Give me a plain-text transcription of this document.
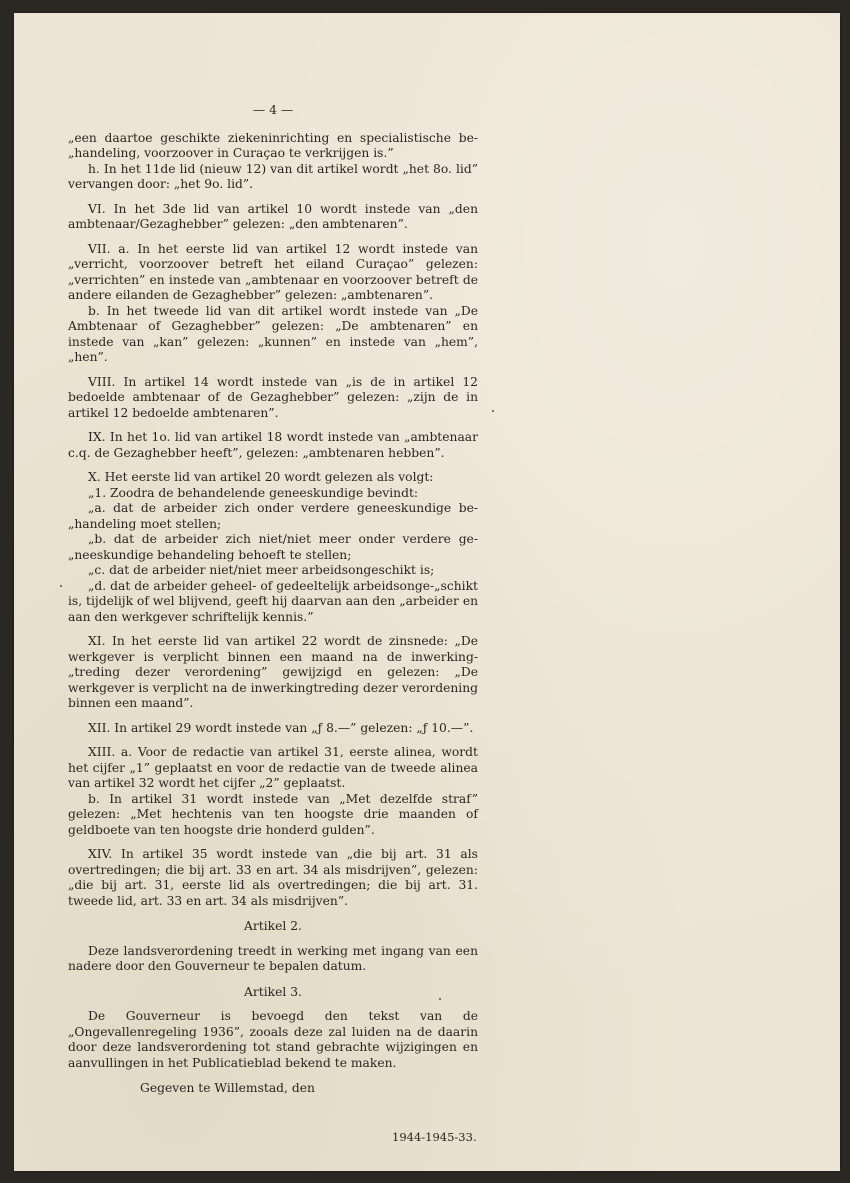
— 4 —

„een daartoe geschikte ziekeninrichting en specialistische be-„handeling, voorzoover in Curaçao te verkrijgen is.”

h. In het 11de lid (nieuw 12) van dit artikel wordt „het 8o. lid” vervangen door: „het 9o. lid”.

VI. In het 3de lid van artikel 10 wordt instede van „den ambtenaar/Gezaghebber” gelezen: „den ambtenaren”.

VII. a. In het eerste lid van artikel 12 wordt instede van „verricht, voorzoover betreft het eiland Curaçao” gelezen: „verrichten” en instede van „ambtenaar en voorzoover betreft de andere eilanden de Gezaghebber” gelezen: „ambtenaren”.

b. In het tweede lid van dit artikel wordt instede van „De Ambtenaar of Gezaghebber” gelezen: „De ambtenaren” en instede van „kan” gelezen: „kunnen” en instede van „hem”, „hen”.

VIII. In artikel 14 wordt instede van „is de in artikel 12 bedoelde ambtenaar of de Gezaghebber” gelezen: „zijn de in artikel 12 bedoelde ambtenaren”.

IX. In het 1o. lid van artikel 18 wordt instede van „ambtenaar c.q. de Gezaghebber heeft”, gelezen: „ambtenaren hebben”.

X. Het eerste lid van artikel 20 wordt gelezen als volgt:

„1. Zoodra de behandelende geneeskundige bevindt:

„a. dat de arbeider zich onder verdere geneeskundige be-„handeling moet stellen;

„b. dat de arbeider zich niet/niet meer onder verdere ge-„neeskundige behandeling behoeft te stellen;

„c. dat de arbeider niet/niet meer arbeidsongeschikt is;

„d. dat de arbeider geheel- of gedeeltelijk arbeidsonge-„schikt is, tijdelijk of wel blijvend, geeft hij daarvan aan den „arbeider en aan den werkgever schriftelijk kennis.”

XI. In het eerste lid van artikel 22 wordt de zinsnede: „De werkgever is verplicht binnen een maand na de inwerking-„treding dezer verordening” gewijzigd en gelezen: „De werkgever is verplicht na de inwerkingtreding dezer verordening binnen een maand”.

XII. In artikel 29 wordt instede van „ƒ 8.—” gelezen: „ƒ 10.—”.

XIII. a. Voor de redactie van artikel 31, eerste alinea, wordt het cijfer „1” geplaatst en voor de redactie van de tweede alinea van artikel 32 wordt het cijfer „2” geplaatst.

b. In artikel 31 wordt instede van „Met dezelfde straf” gelezen: „Met hechtenis van ten hoogste drie maanden of geldboete van ten hoogste drie honderd gulden”.

XIV. In artikel 35 wordt instede van „die bij art. 31 als overtredingen; die bij art. 33 en art. 34 als misdrijven”, gelezen: „die bij art. 31, eerste lid als overtredingen; die bij art. 31. tweede lid, art. 33 en art. 34 als misdrijven”.

Artikel 2.

Deze landsverordening treedt in werking met ingang van een nadere door den Gouverneur te bepalen datum.

Artikel 3.

De Gouverneur is bevoegd den tekst van de „Ongevallenregeling 1936”, zooals deze zal luiden na de daarin door deze landsverordening tot stand gebrachte wijzigingen en aanvullingen in het Publicatieblad bekend te maken.

Gegeven te Willemstad, den

1944-1945-33.
